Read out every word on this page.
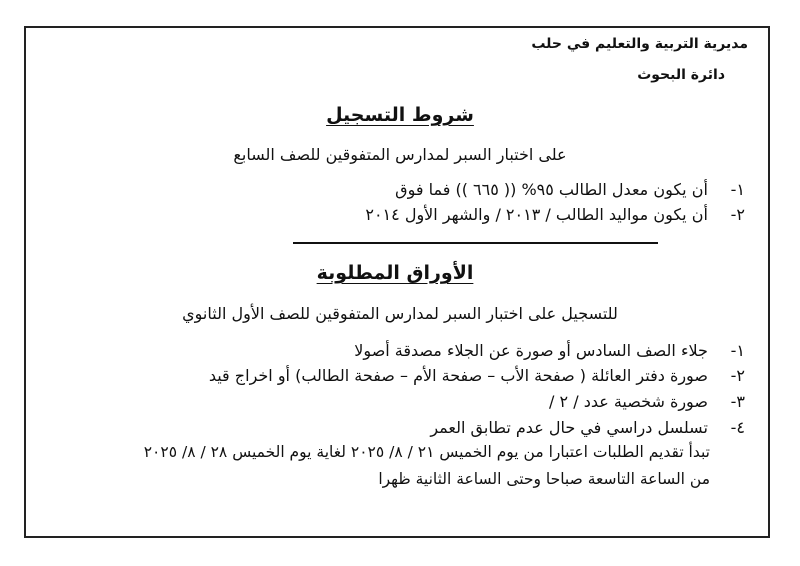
مديرية التربية والتعليم في حلب
دائرة البحوث
شروط التسجيل
على اختبار السبر لمدارس المتفوقين للصف السابع
١- أن يكون معدل الطالب ٩٥% (( ٦٦٥ )) فما فوق
٢- أن يكون مواليد الطالب / ٢٠١٣ / والشهر الأول ٢٠١٤
الأوراق المطلوبة
للتسجيل على اختبار السبر لمدارس المتفوقين للصف الأول الثانوي
١- جلاء الصف السادس أو صورة عن الجلاء مصدقة أصولا
٢- صورة دفتر العائلة ( صفحة الأب – صفحة الأم – صفحة الطالب) أو اخراج قيد
٣- صورة شخصية عدد / ٢ /
٤- تسلسل دراسي في حال عدم تطابق العمر
تبدأ تقديم الطلبات اعتبارا من يوم الخميس ٢١ / ٨/ ٢٠٢٥ لغاية يوم الخميس ٢٨ / ٨/ ٢٠٢٥
من الساعة التاسعة صباحا وحتى الساعة الثانية ظهرا
